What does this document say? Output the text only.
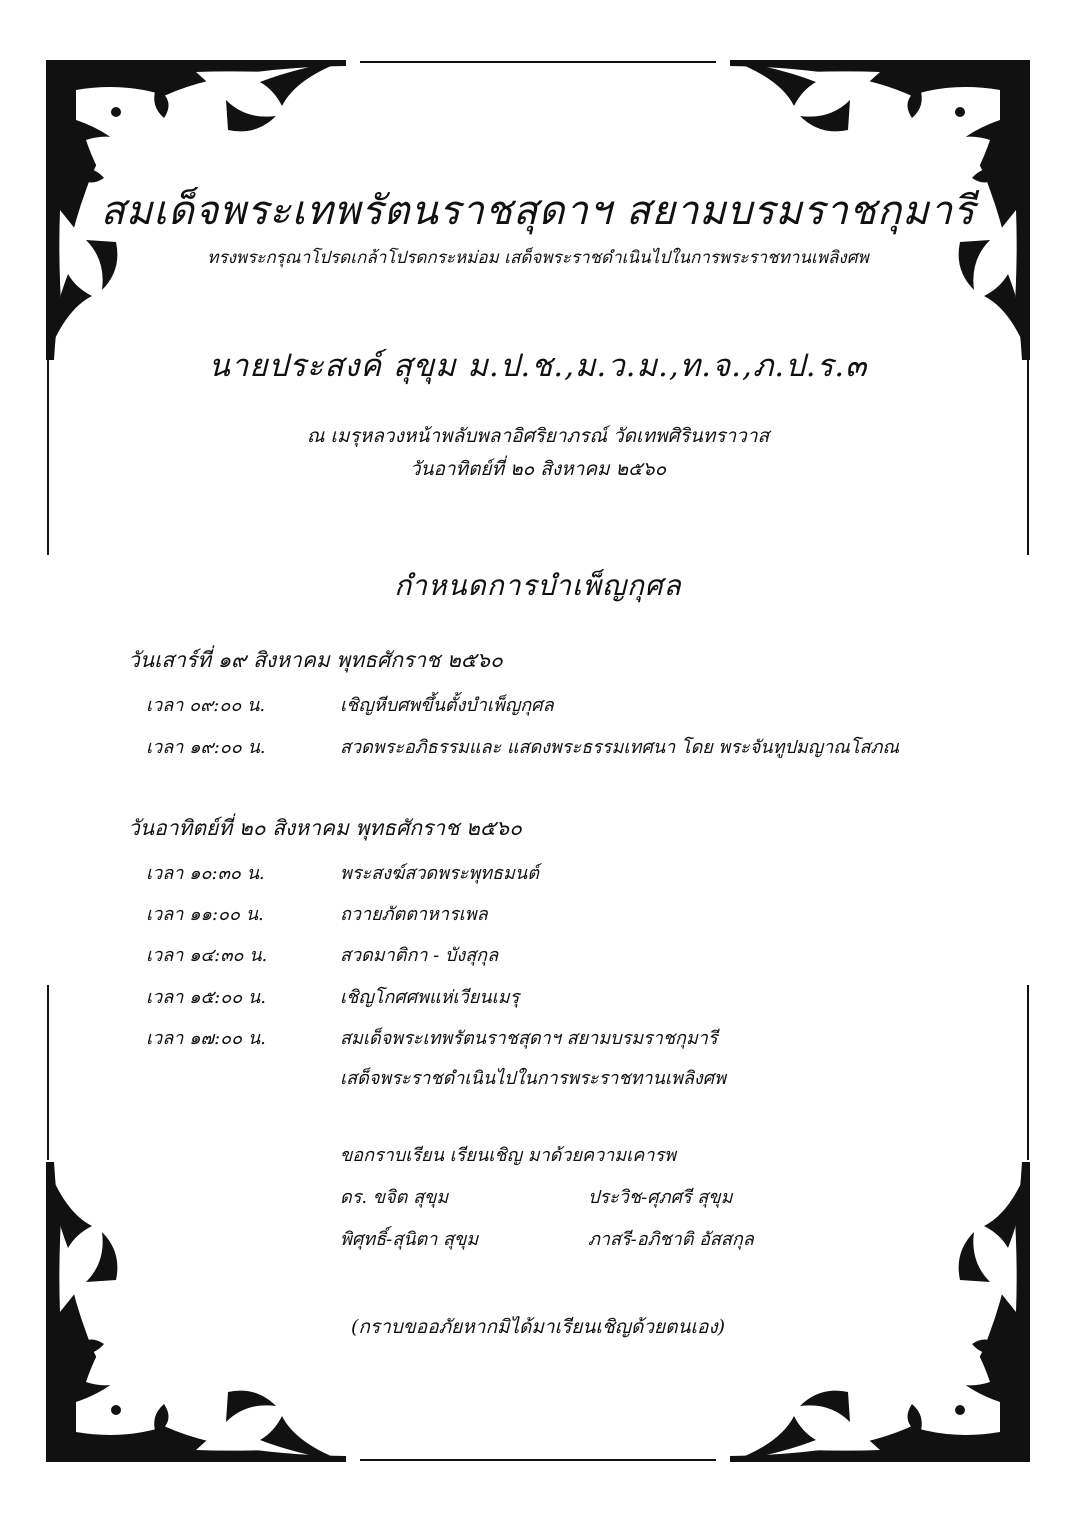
สมเด็จพระเทพรัตนราชสุดาฯ สยามบรมราชกุมารี
ทรงพระกรุณาโปรดเกล้าโปรดกระหม่อม เสด็จพระราชดำเนินไปในการพระราชทานเพลิงศพ
นายประสงค์ สุขุม ม.ป.ช.,ม.ว.ม.,ท.จ.,ภ.ป.ร.๓
ณ เมรุหลวงหน้าพลับพลาอิศริยาภรณ์ วัดเทพศิรินทราวาส
วันอาทิตย์ที่ ๒๐ สิงหาคม ๒๕๖๐
กำหนดการบำเพ็ญกุศล
วันเสาร์ที่ ๑๙ สิงหาคม พุทธศักราช ๒๕๖๐
เวลา ๐๙:๐๐ น.	เชิญหีบศพขึ้นตั้งบำเพ็ญกุศล
เวลา ๑๙:๐๐ น.	สวดพระอภิธรรมและ แสดงพระธรรมเทศนา โดย พระจันทูปมญาณโสภณ
วันอาทิตย์ที่ ๒๐ สิงหาคม พุทธศักราช ๒๕๖๐
เวลา ๑๐:๓๐ น.	พระสงฆ์สวดพระพุทธมนต์
เวลา ๑๑:๐๐ น.	ถวายภัตตาหารเพล
เวลา ๑๔:๓๐ น.	สวดมาติกา - บังสุกุล
เวลา ๑๕:๐๐ น.	เชิญโกศศพแห่เวียนเมรุ
เวลา ๑๗:๐๐ น.	สมเด็จพระเทพรัตนราชสุดาฯ สยามบรมราชกุมารี
เสด็จพระราชดำเนินไปในการพระราชทานเพลิงศพ
ขอกราบเรียน เรียนเชิญ มาด้วยความเคารพ
ดร. ขจิต สุขุม	ประวิช-ศุภศรี สุขุม
พิศุทธิ์-สุนิตา สุขุม	ภาสรี-อภิชาติ อัสสกุล
(กราบขออภัยหากมิได้มาเรียนเชิญด้วยตนเอง)
